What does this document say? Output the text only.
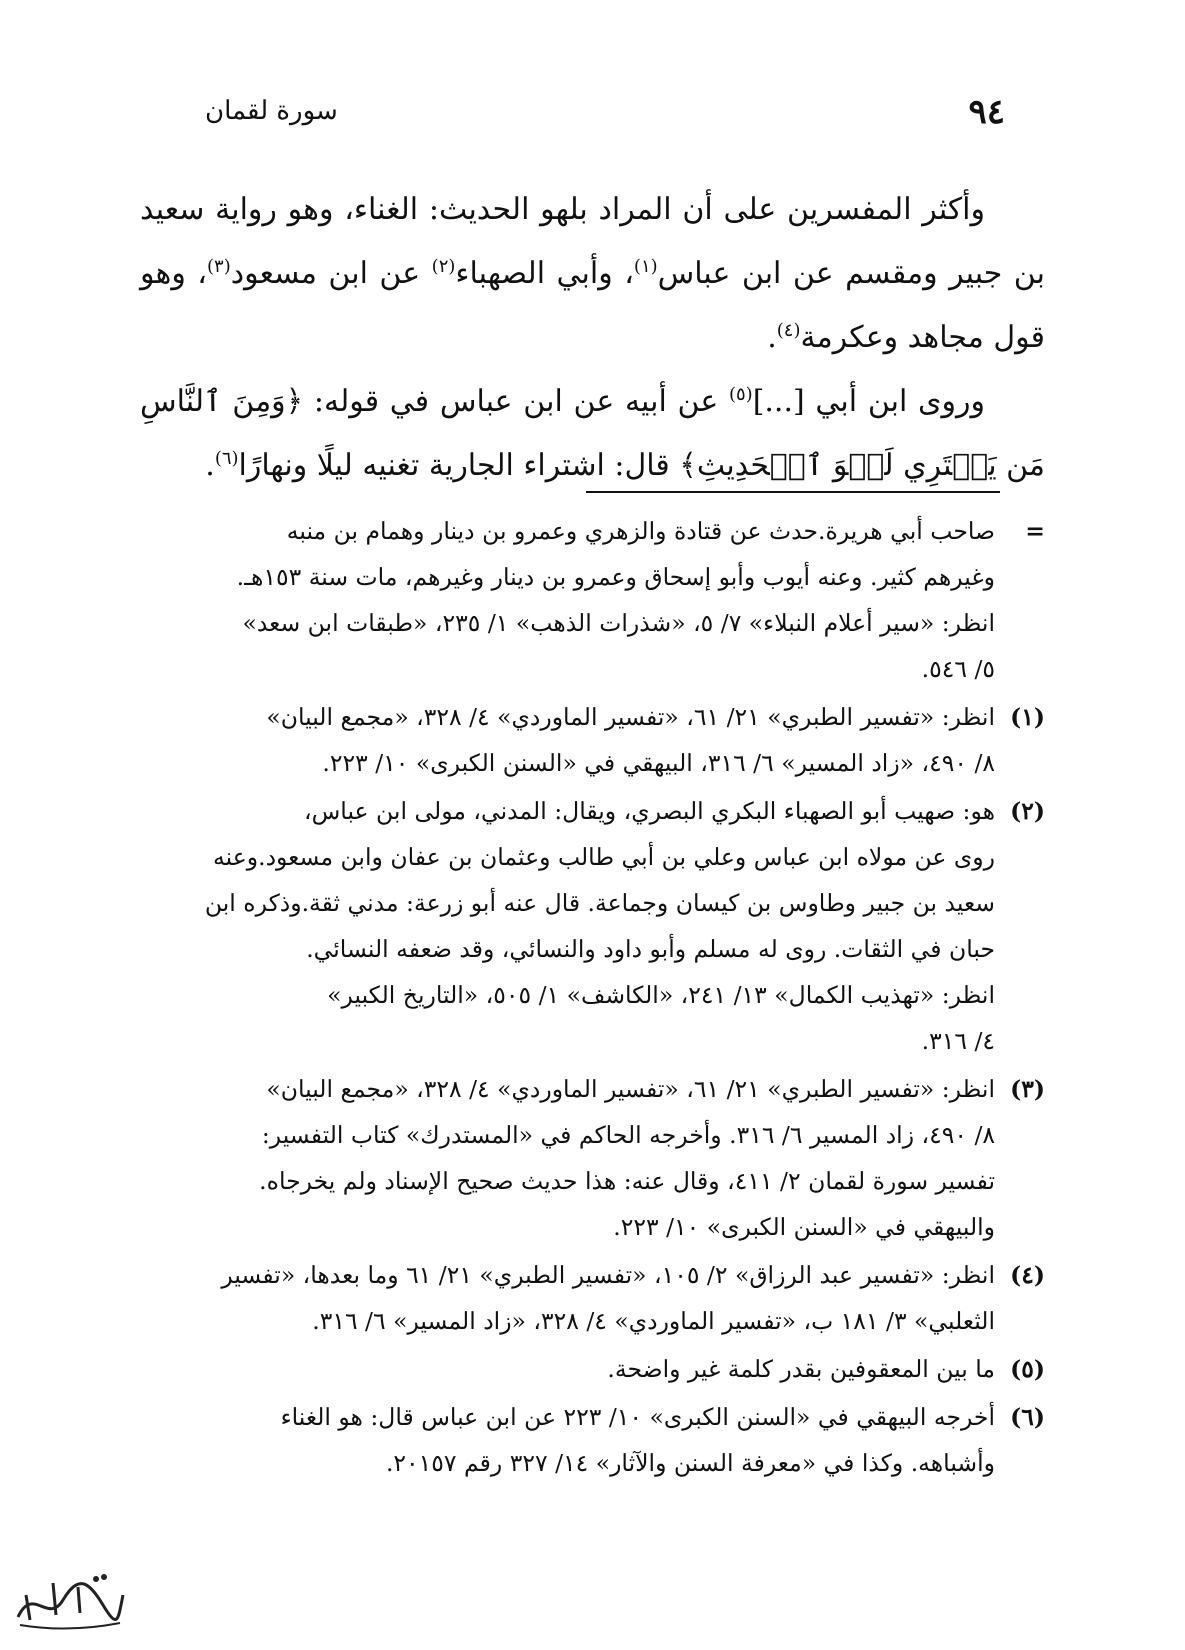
٩٤
سورة لقمان

وأكثر المفسرين على أن المراد بلهو الحديث: الغناء، وهو رواية سعيد بن جبير ومقسم عن ابن عباس$^{(١)}$، وأبي الصهباء$^{(٢)}$ عن ابن مسعود$^{(٣)}$، وهو قول مجاهد وعكرمة$^{(٤)}$.

وروى ابن أبي [...]$^{(٥)}$ عن أبيه عن ابن عباس في قوله: ﴿وَمِنَ ٱلنَّاسِ مَن يَشۡتَرِي لَهۡوَ ٱلۡحَدِيثِ﴾ قال: اشتراء الجارية تغنيه ليلًا ونهارًا$^{(٦)}$.

=
صاحب أبي هريرة.حدث عن قتادة والزهري وعمرو بن دينار وهمام بن منبه
وغيرهم كثير. وعنه أيوب وأبو إسحاق وعمرو بن دينار وغيرهم، مات سنة ١٥٣هـ.
انظر: «سير أعلام النبلاء» ٧/ ٥، «شذرات الذهب» ١/ ٢٣٥، «طبقات ابن سعد»
٥/ ٥٤٦.
(١)
انظر: «تفسير الطبري» ٢١/ ٦١، «تفسير الماوردي» ٤/ ٣٢٨، «مجمع البيان»
٨/ ٤٩٠، «زاد المسير» ٦/ ٣١٦، البيهقي في «السنن الكبرى» ١٠/ ٢٢٣.
(٢)
هو: صهيب أبو الصهباء البكري البصري، ويقال: المدني، مولى ابن عباس،
روى عن مولاه ابن عباس وعلي بن أبي طالب وعثمان بن عفان وابن مسعود.وعنه
سعيد بن جبير وطاوس بن كيسان وجماعة. قال عنه أبو زرعة: مدني ثقة.وذكره ابن
حبان في الثقات. روى له مسلم وأبو داود والنسائي، وقد ضعفه النسائي.
انظر: «تهذيب الكمال» ١٣/ ٢٤١، «الكاشف» ١/ ٥٠٥، «التاريخ الكبير»
٤/ ٣١٦.
(٣)
انظر: «تفسير الطبري» ٢١/ ٦١، «تفسير الماوردي» ٤/ ٣٢٨، «مجمع البيان»
٨/ ٤٩٠، زاد المسير ٦/ ٣١٦. وأخرجه الحاكم في «المستدرك» كتاب التفسير:
تفسير سورة لقمان ٢/ ٤١١، وقال عنه: هذا حديث صحيح الإسناد ولم يخرجاه.
والبيهقي في «السنن الكبرى» ١٠/ ٢٢٣.
(٤)
انظر: «تفسير عبد الرزاق» ٢/ ١٠٥، «تفسير الطبري» ٢١/ ٦١ وما بعدها، «تفسير
الثعلبي» ٣/ ١٨١ ب، «تفسير الماوردي» ٤/ ٣٢٨، «زاد المسير» ٦/ ٣١٦.
(٥)
ما بين المعقوفين بقدر كلمة غير واضحة.
(٦)
أخرجه البيهقي في «السنن الكبرى» ١٠/ ٢٢٣ عن ابن عباس قال: هو الغناء
وأشباهه. وكذا في «معرفة السنن والآثار» ١٤/ ٣٢٧ رقم ٢٠١٥٧.
